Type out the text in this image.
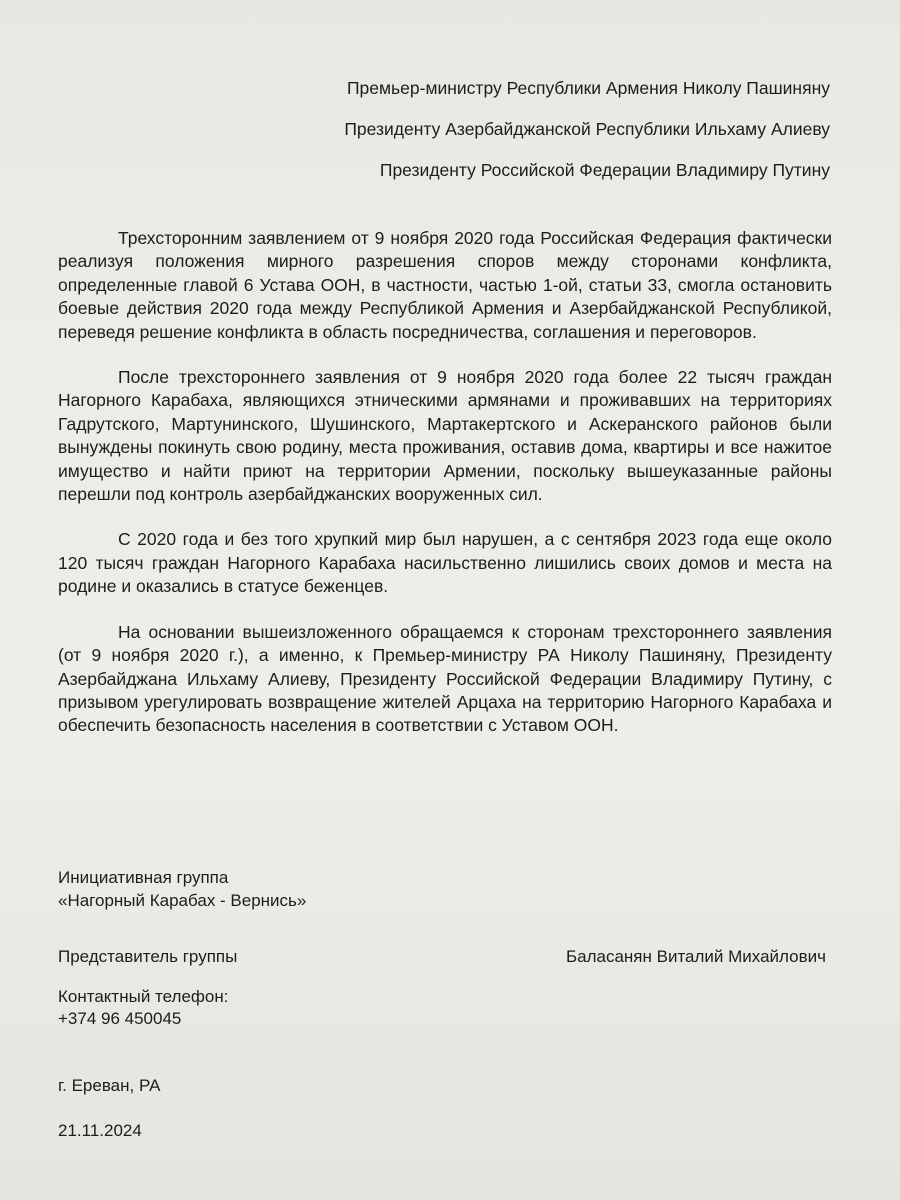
Премьер-министру Республики Армения Николу Пашиняну
Президенту Азербайджанской Республики Ильхаму Алиеву
Президенту Российской Федерации Владимиру Путину

Трехсторонним заявлением от 9 ноября 2020 года Российская Федерация фактически реализуя положения мирного разрешения споров между сторонами конфликта, определенные главой 6 Устава ООН, в частности, частью 1-ой, статьи 33, смогла остановить боевые действия 2020 года между Республикой Армения и Азербайджанской Республикой, переведя решение конфликта в область посредничества, соглашения и переговоров.

После трехстороннего заявления от 9 ноября 2020 года более 22 тысяч граждан Нагорного Карабаха, являющихся этническими армянами и проживавших на территориях Гадрутского, Мартунинского, Шушинского, Мартакертского и Аскеранского районов были вынуждены покинуть свою родину, места проживания, оставив дома, квартиры и все нажитое имущество и найти приют на территории Армении, поскольку вышеуказанные районы перешли под контроль азербайджанских вооруженных сил.

С 2020 года и без того хрупкий мир был нарушен, а с сентября 2023 года еще около 120 тысяч граждан Нагорного Карабаха насильственно лишились своих домов и места на родине и оказались в статусе беженцев.

На основании вышеизложенного обращаемся к сторонам трехстороннего заявления (от 9 ноября 2020 г.), а именно, к Премьер-министру РА Николу Пашиняну, Президенту Азербайджана Ильхаму Алиеву, Президенту Российской Федерации Владимиру Путину, с призывом урегулировать возвращение жителей Арцаха на территорию Нагорного Карабаха и обеспечить безопасность населения в соответствии с Уставом ООН.

Инициативная группа
«Нагорный Карабах - Вернись»
Представитель группы	Баласанян Виталий Михайлович
Контактный телефон:
+374 96 450045
г. Ереван, РА
21.11.2024
